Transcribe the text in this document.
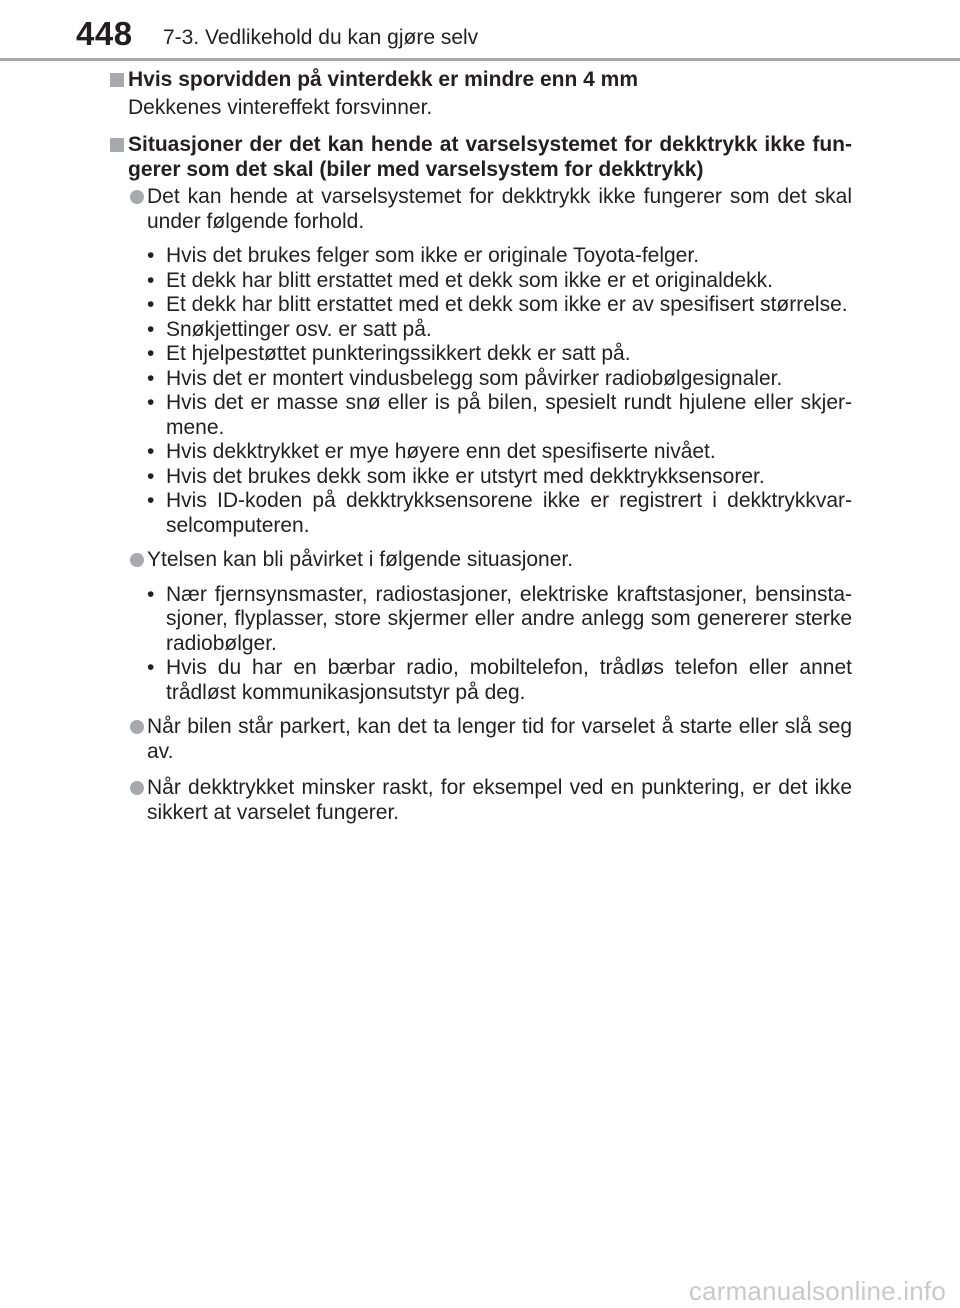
448 7-3. Vedlikehold du kan gjøre selv
Hvis sporvidden på vinterdekk er mindre enn 4 mm
Dekkenes vintereffekt forsvinner.
Situasjoner der det kan hende at varselsystemet for dekktrykk ikke fun-gerer som det skal (biler med varselsystem for dekktrykk)
Det kan hende at varselsystemet for dekktrykk ikke fungerer som det skal under følgende forhold.
• Hvis det brukes felger som ikke er originale Toyota-felger.
• Et dekk har blitt erstattet med et dekk som ikke er et originaldekk.
• Et dekk har blitt erstattet med et dekk som ikke er av spesifisert størrelse.
• Snøkjettinger osv. er satt på.
• Et hjelpestøttet punkteringssikkert dekk er satt på.
• Hvis det er montert vindusbelegg som påvirker radiobølgesignaler.
• Hvis det er masse snø eller is på bilen, spesielt rundt hjulene eller skjer-mene.
• Hvis dekktrykket er mye høyere enn det spesifiserte nivået.
• Hvis det brukes dekk som ikke er utstyrt med dekktrykksensorer.
• Hvis ID-koden på dekktrykksensorene ikke er registrert i dekktrykkvar-selcomputeren.
Ytelsen kan bli påvirket i følgende situasjoner.
• Nær fjernsynsmaster, radiostasjoner, elektriske kraftstasjoner, bensinsta-sjoner, flyplasser, store skjermer eller andre anlegg som genererer sterke radiobølger.
• Hvis du har en bærbar radio, mobiltelefon, trådløs telefon eller annet trådløst kommunikasjonsutstyr på deg.
Når bilen står parkert, kan det ta lenger tid for varselet å starte eller slå seg av.
Når dekktrykket minsker raskt, for eksempel ved en punktering, er det ikke sikkert at varselet fungerer.
carmanualsonline.info
